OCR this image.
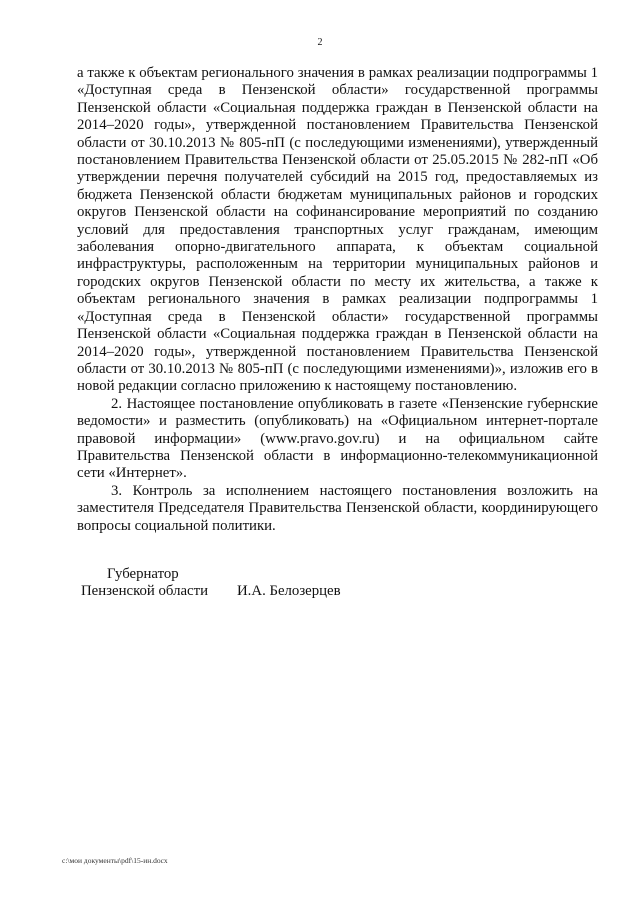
2

а также к объектам регионального значения в рамках реализации подпрограммы 1 «Доступная среда в Пензенской области» государственной программы Пензенской области «Социальная поддержка граждан в Пензенской области на 2014–2020 годы», утвержденной постановлением Правительства Пензенской области от 30.10.2013 № 805-пП (с последующими изменениями), утвержденный постановлением Правительства Пензенской области от 25.05.2015 № 282-пП «Об утверждении перечня получателей субсидий на 2015 год, предоставляемых из бюджета Пензенской области бюджетам муниципальных районов и городских округов Пензенской области на софинансирование мероприятий по созданию условий для предоставления транспортных услуг гражданам, имеющим заболевания опорно-двигательного аппарата, к объектам социальной инфраструктуры, расположенным на территории муниципальных районов и городских округов Пензенской области по месту их жительства, а также к объектам регионального значения в рамках реализации подпрограммы 1 «Доступная среда в Пензенской области» государственной программы Пензенской области «Социальная поддержка граждан в Пензенской области на 2014–2020 годы», утвержденной постановлением Правительства Пензенской области от 30.10.2013 № 805-пП (с последующими изменениями)», изложив его в новой редакции согласно приложению к настоящему постановлению.

2. Настоящее постановление опубликовать в газете «Пензенские губернские ведомости» и разместить (опубликовать) на «Официальном интернет-портале правовой информации» (www.pravo.gov.ru) и на официальном сайте Правительства Пензенской области в информационно-телекоммуникационной сети «Интернет».

3. Контроль за исполнением настоящего постановления возложить на заместителя Председателя Правительства Пензенской области, координирующего вопросы социальной политики.

Губернатор
Пензенской области И.А. Белозерцев
c:\мои документы\pdf\15-ин.docx
